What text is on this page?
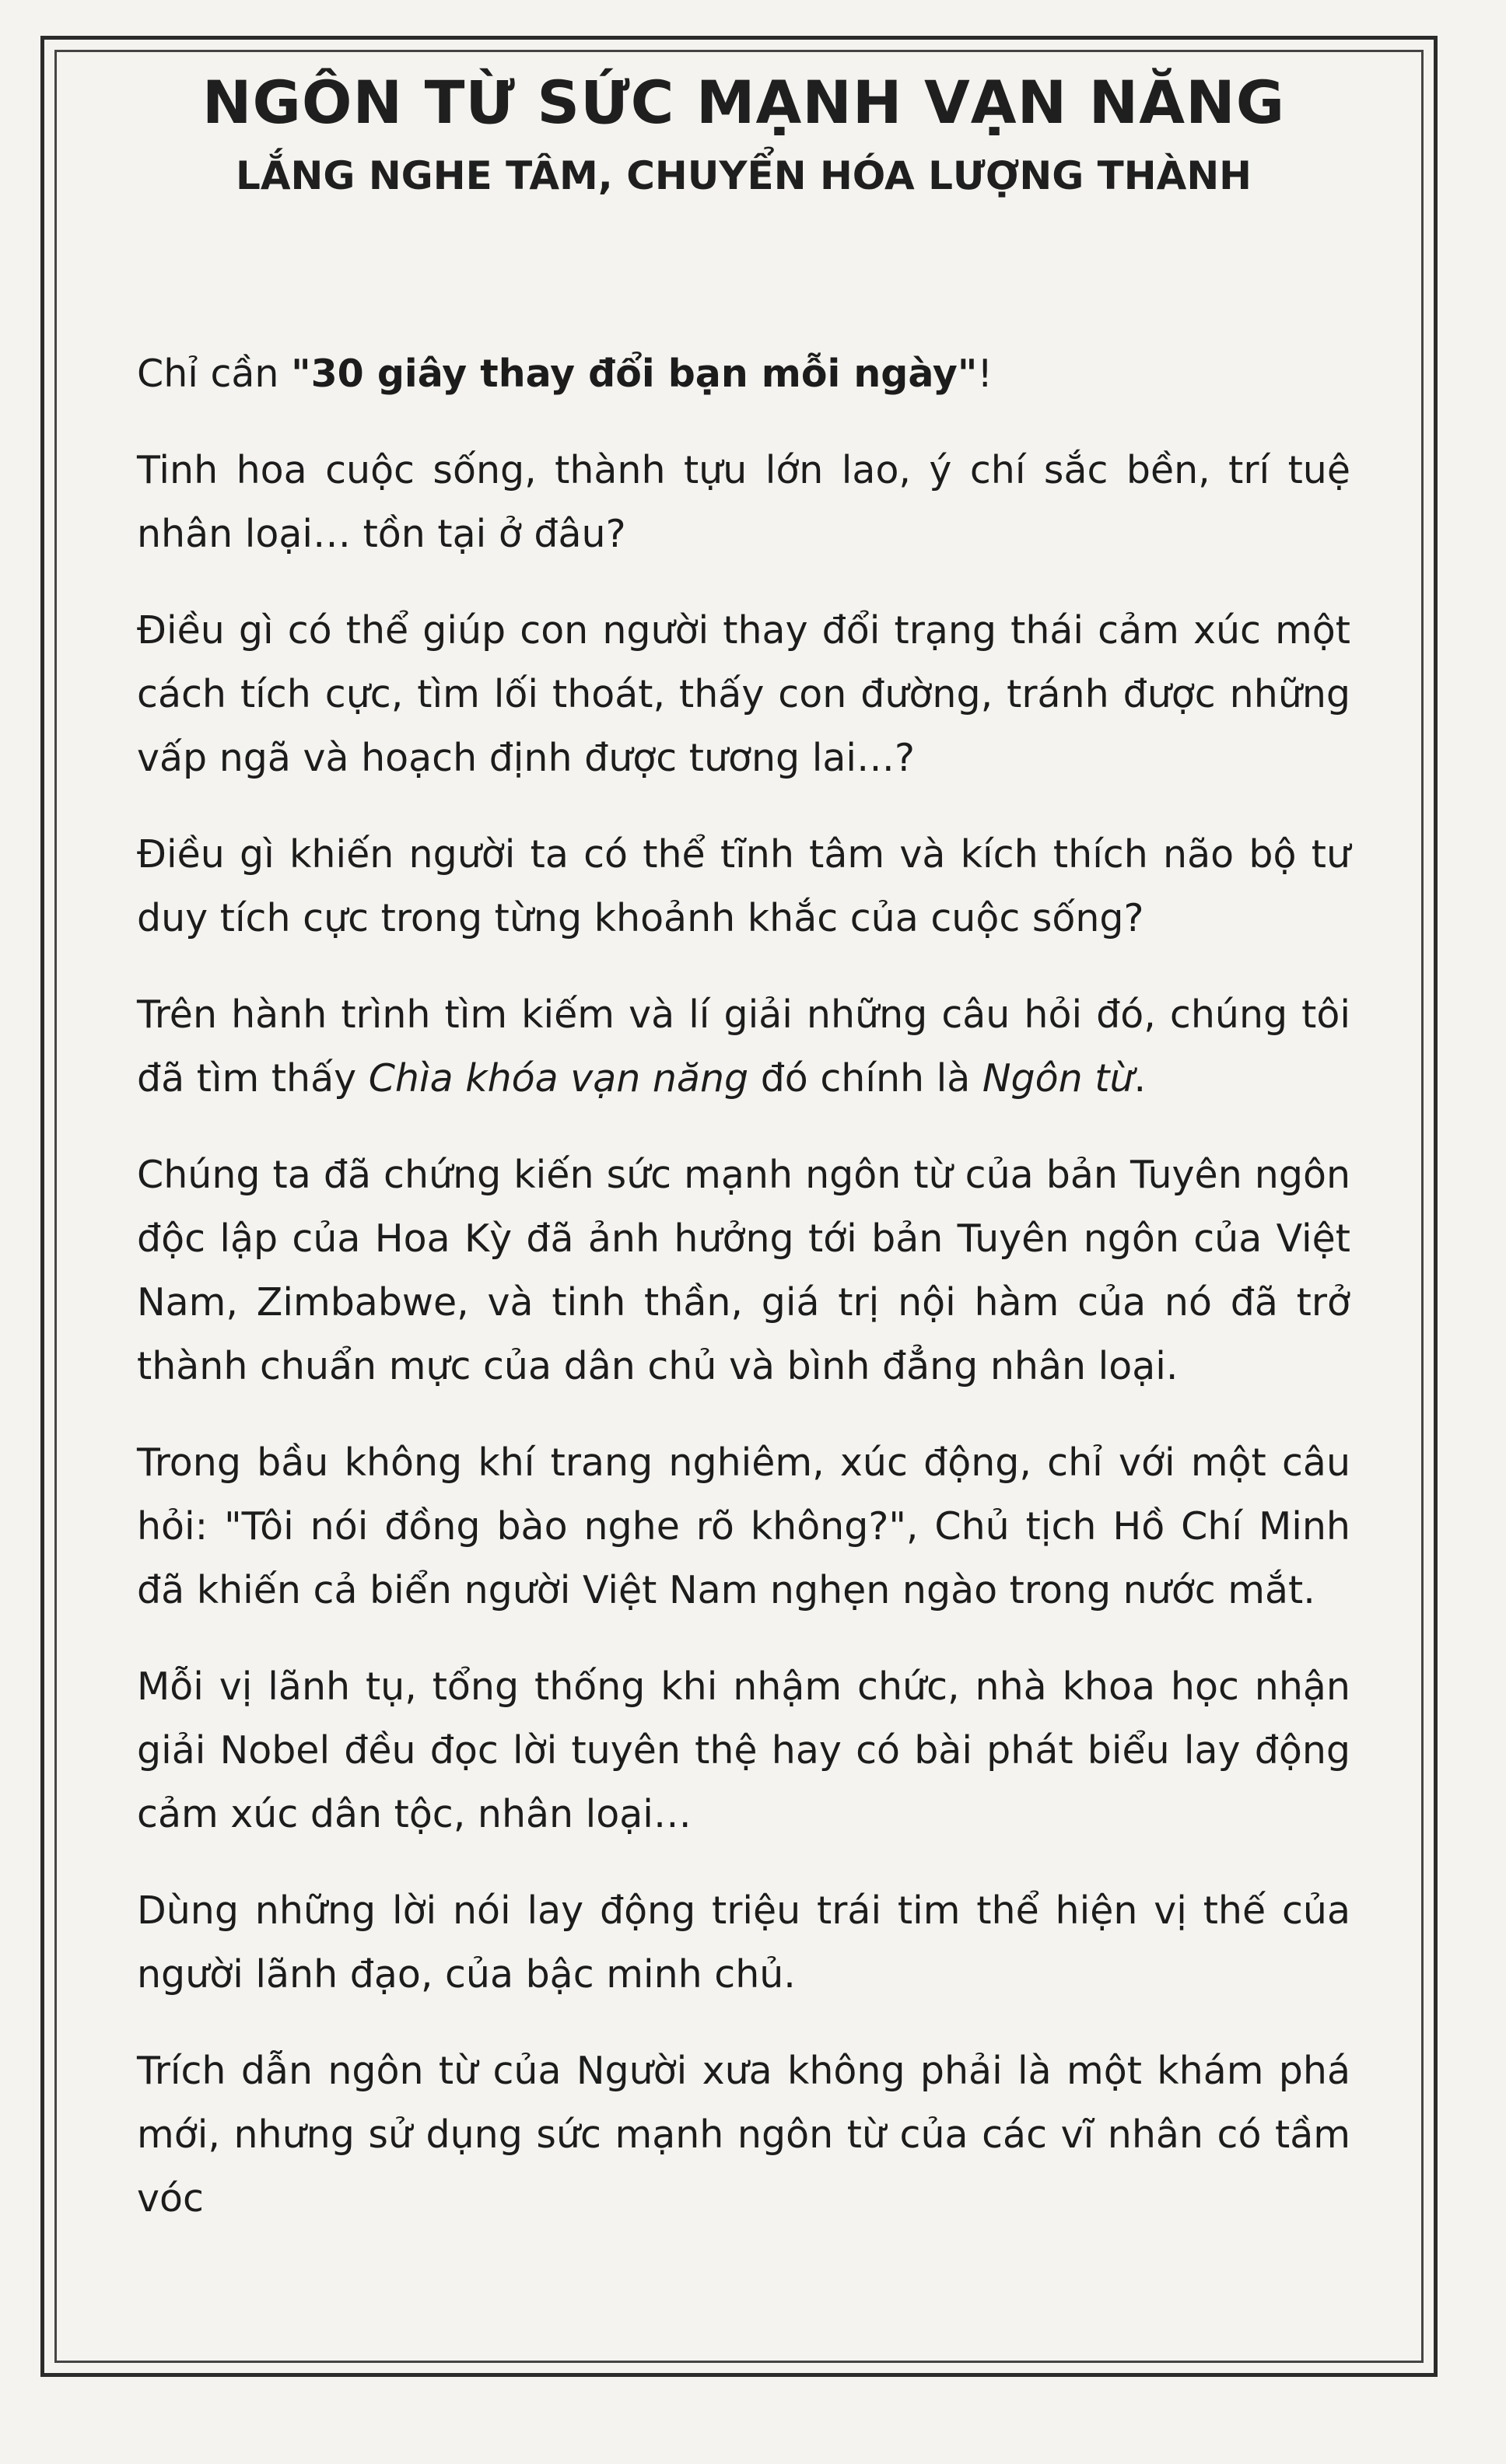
NGÔN TỪ SỨC MẠNH VẠN NĂNG
LẮNG NGHE TÂM, CHUYỂN HÓA LƯỢNG THÀNH

Chỉ cần "30 giây thay đổi bạn mỗi ngày"!

Tinh hoa cuộc sống, thành tựu lớn lao, ý chí sắc bền, trí tuệ nhân loại… tồn tại ở đâu?

Điều gì có thể giúp con người thay đổi trạng thái cảm xúc một cách tích cực, tìm lối thoát, thấy con đường, tránh được những vấp ngã và hoạch định được tương lai…?

Điều gì khiến người ta có thể tĩnh tâm và kích thích não bộ tư duy tích cực trong từng khoảnh khắc của cuộc sống?

Trên hành trình tìm kiếm và lí giải những câu hỏi đó, chúng tôi đã tìm thấy Chìa khóa vạn năng đó chính là Ngôn từ.

Chúng ta đã chứng kiến sức mạnh ngôn từ của bản Tuyên ngôn độc lập của Hoa Kỳ đã ảnh hưởng tới bản Tuyên ngôn của Việt Nam, Zimbabwe, và tinh thần, giá trị nội hàm của nó đã trở thành chuẩn mực của dân chủ và bình đẳng nhân loại.

Trong bầu không khí trang nghiêm, xúc động, chỉ với một câu hỏi: "Tôi nói đồng bào nghe rõ không?", Chủ tịch Hồ Chí Minh đã khiến cả biển người Việt Nam nghẹn ngào trong nước mắt.

Mỗi vị lãnh tụ, tổng thống khi nhậm chức, nhà khoa học nhận giải Nobel đều đọc lời tuyên thệ hay có bài phát biểu lay động cảm xúc dân tộc, nhân loại…

Dùng những lời nói lay động triệu trái tim thể hiện vị thế của người lãnh đạo, của bậc minh chủ.

Trích dẫn ngôn từ của Người xưa không phải là một khám phá mới, nhưng sử dụng sức mạnh ngôn từ của các vĩ nhân có tầm vóc
